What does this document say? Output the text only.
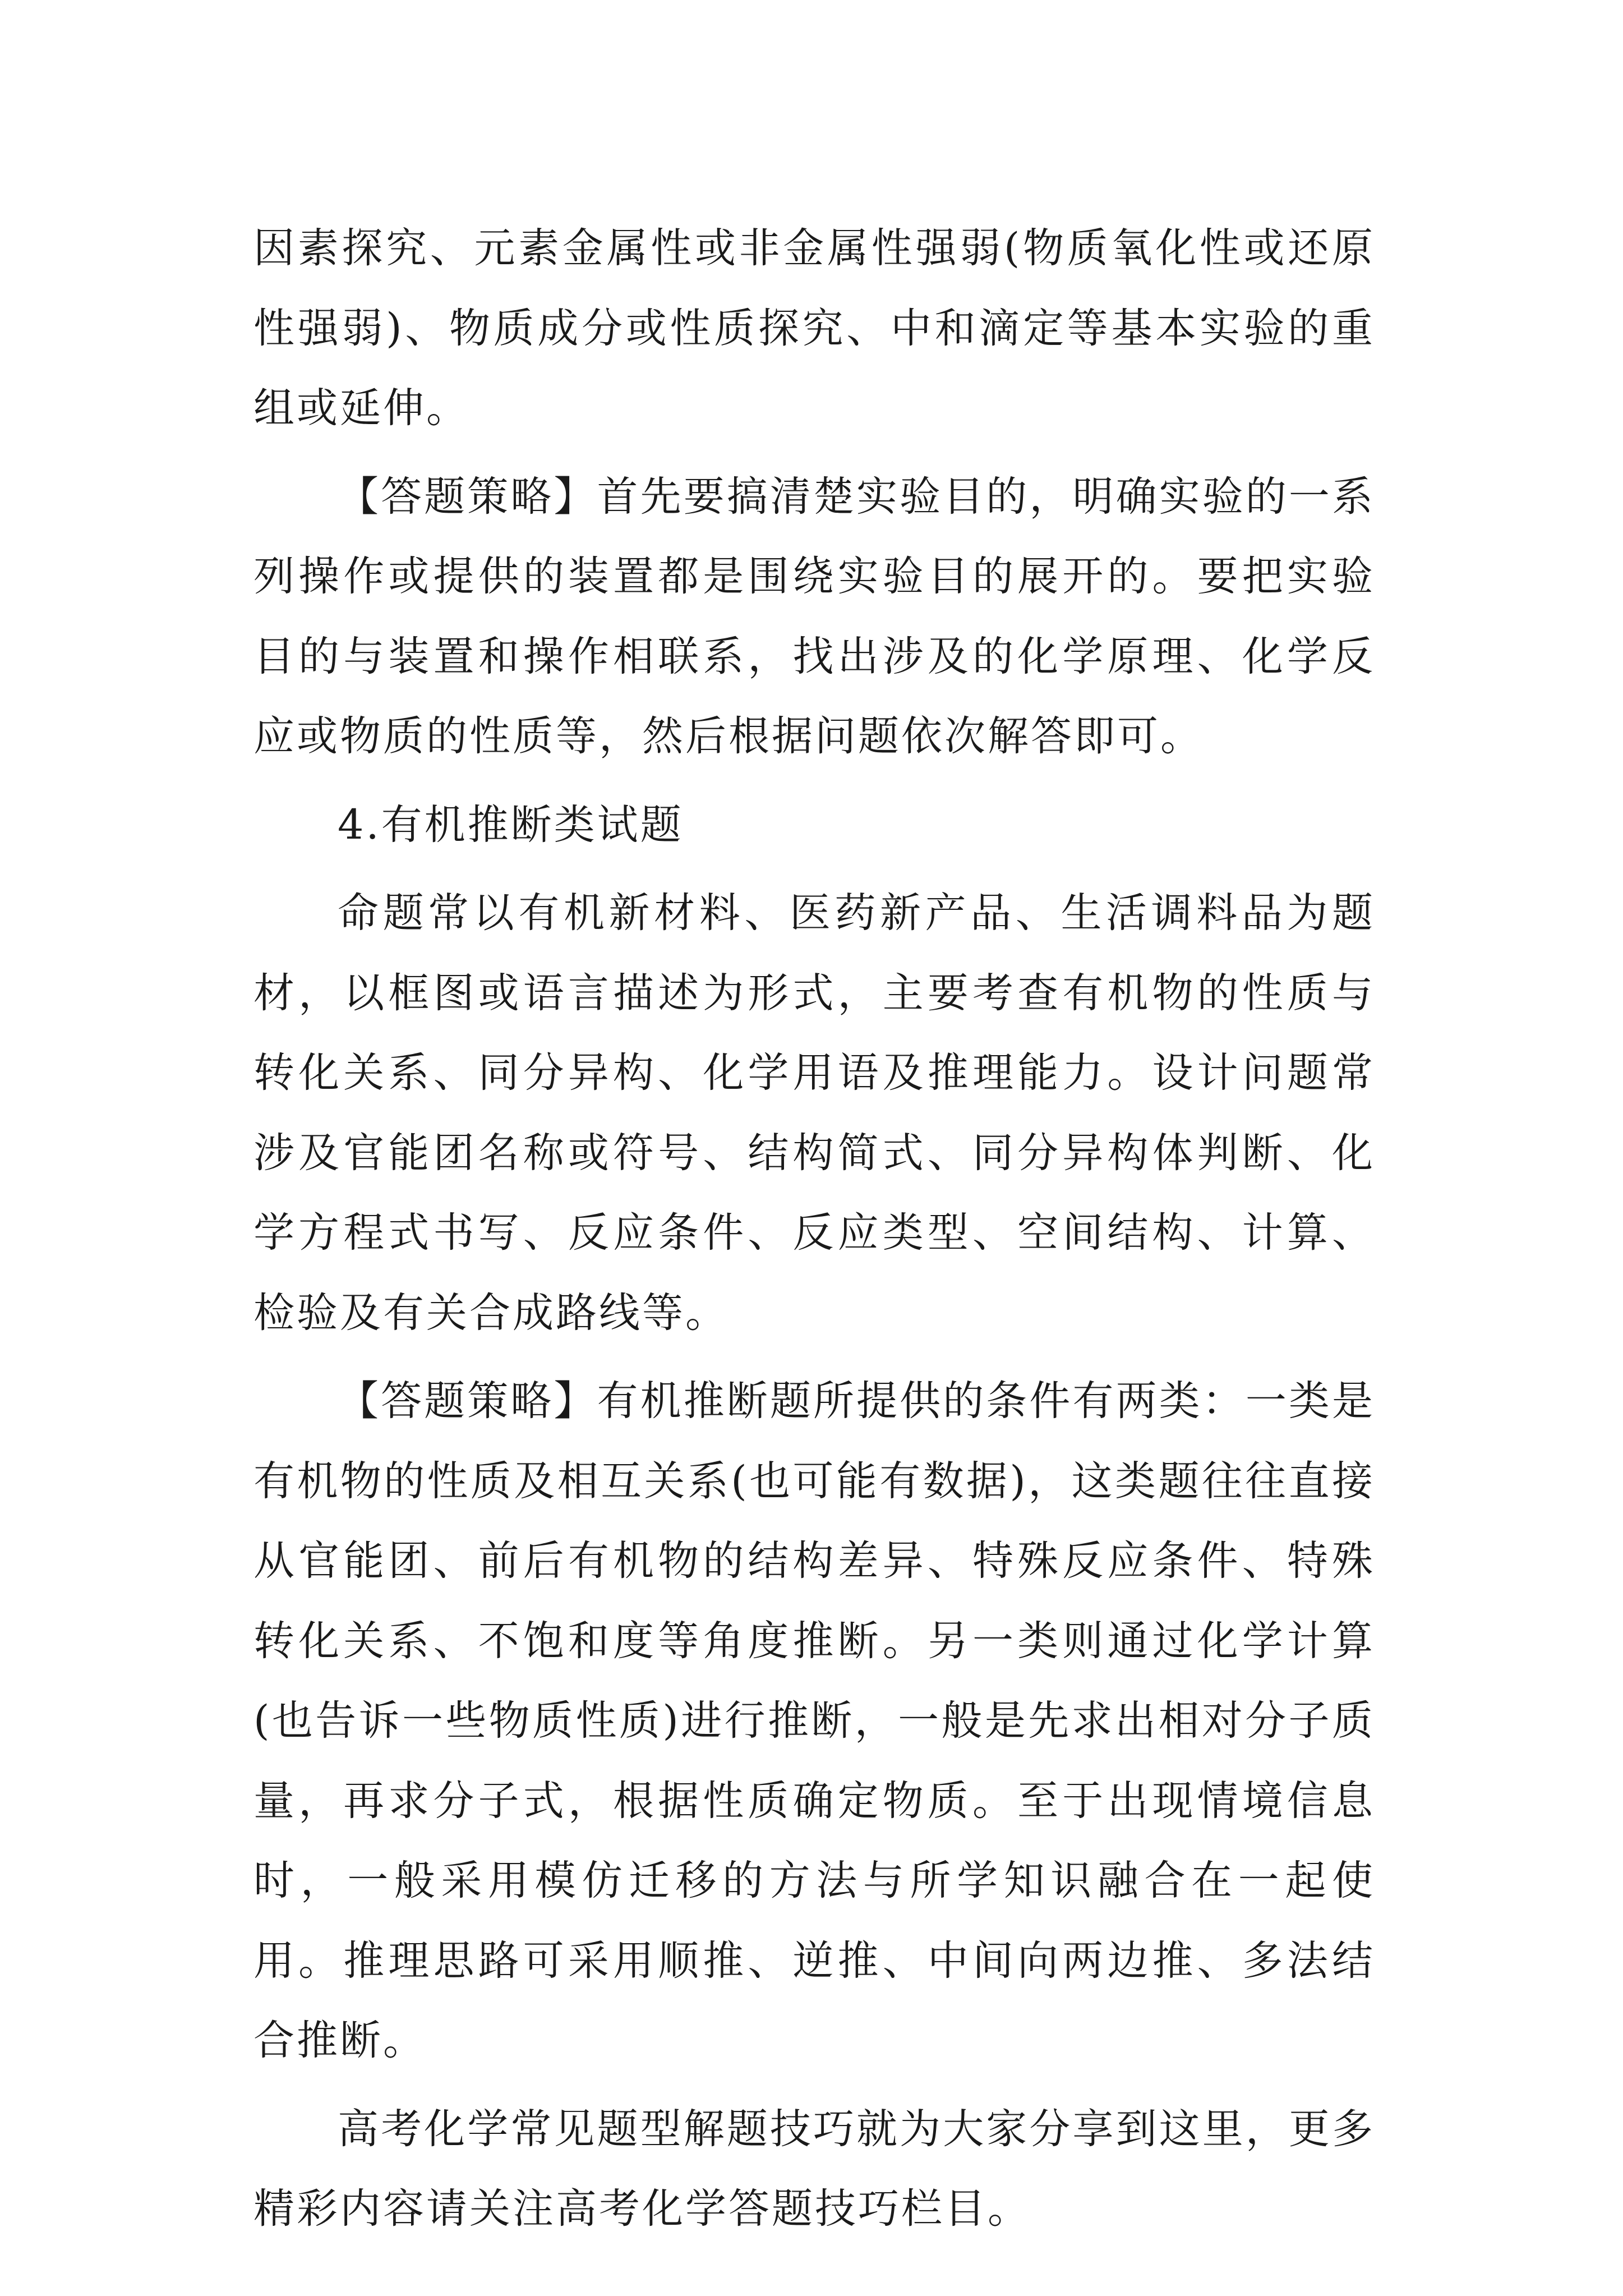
因素探究、元素金属性或非金属性强弱(物质氧化性或还原性强弱)、物质成分或性质探究、中和滴定等基本实验的重组或延伸。

【答题策略】首先要搞清楚实验目的，明确实验的一系列操作或提供的装置都是围绕实验目的展开的。要把实验目的与装置和操作相联系，找出涉及的化学原理、化学反应或物质的性质等，然后根据问题依次解答即可。

4.有机推断类试题

命题常以有机新材料、医药新产品、生活调料品为题材，以框图或语言描述为形式，主要考查有机物的性质与转化关系、同分异构、化学用语及推理能力。设计问题常涉及官能团名称或符号、结构简式、同分异构体判断、化学方程式书写、反应条件、反应类型、空间结构、计算、检验及有关合成路线等。

【答题策略】有机推断题所提供的条件有两类：一类是有机物的性质及相互关系(也可能有数据)，这类题往往直接从官能团、前后有机物的结构差异、特殊反应条件、特殊转化关系、不饱和度等角度推断。另一类则通过化学计算(也告诉一些物质性质)进行推断，一般是先求出相对分子质量，再求分子式，根据性质确定物质。至于出现情境信息时，一般采用模仿迁移的方法与所学知识融合在一起使用。推理思路可采用顺推、逆推、中间向两边推、多法结合推断。

高考化学常见题型解题技巧就为大家分享到这里，更多精彩内容请关注高考化学答题技巧栏目。
